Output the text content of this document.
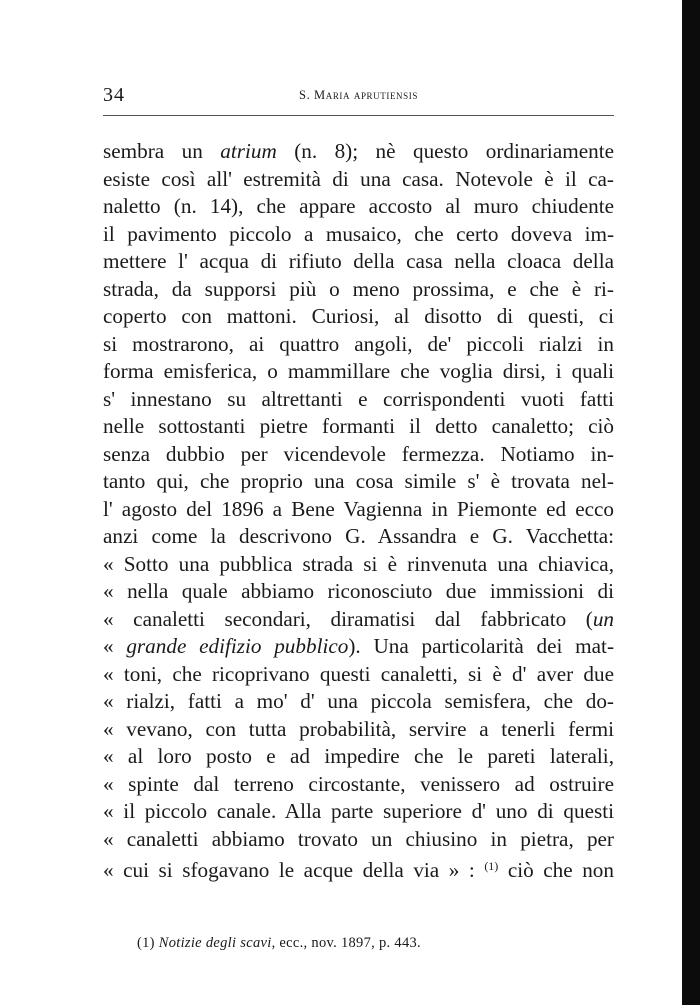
34	S. Maria aprutiensis
sembra un atrium (n. 8); nè questo ordinariamente
esiste così all' estremità di una casa. Notevole è il ca-
naletto (n. 14), che appare accosto al muro chiudente
il pavimento piccolo a musaico, che certo doveva im-
mettere l' acqua di rifiuto della casa nella cloaca della
strada, da supporsi più o meno prossima, e che è ri-
coperto con mattoni. Curiosi, al disotto di questi, ci
si mostrarono, ai quattro angoli, de' piccoli rialzi in
forma emisferica, o mammillare che voglia dirsi, i quali
s' innestano su altrettanti e corrispondenti vuoti fatti
nelle sottostanti pietre formanti il detto canaletto; ciò
senza dubbio per vicendevole fermezza. Notiamo in-
tanto qui, che proprio una cosa simile s' è trovata nel-
l' agosto del 1896 a Bene Vagienna in Piemonte ed ecco
anzi come la descrivono G. Assandra e G. Vacchetta:
« Sotto una pubblica strada si è rinvenuta una chiavica,
« nella quale abbiamo riconosciuto due immissioni di
« canaletti secondari, diramatisi dal fabbricato (un
« grande edifizio pubblico). Una particolarità dei mat-
« toni, che ricoprivano questi canaletti, si è d' aver due
« rialzi, fatti a mo' d' una piccola semisfera, che do-
« vevano, con tutta probabilità, servire a tenerli fermi
« al loro posto e ad impedire che le pareti laterali,
« spinte dal terreno circostante, venissero ad ostruire
« il piccolo canale. Alla parte superiore d' uno di questi
« canaletti abbiamo trovato un chiusino in pietra, per
« cui si sfogavano le acque della via » : $^{(1)}$ ciò che non
(1) Notizie degli scavi, ecc., nov. 1897, p. 443.
